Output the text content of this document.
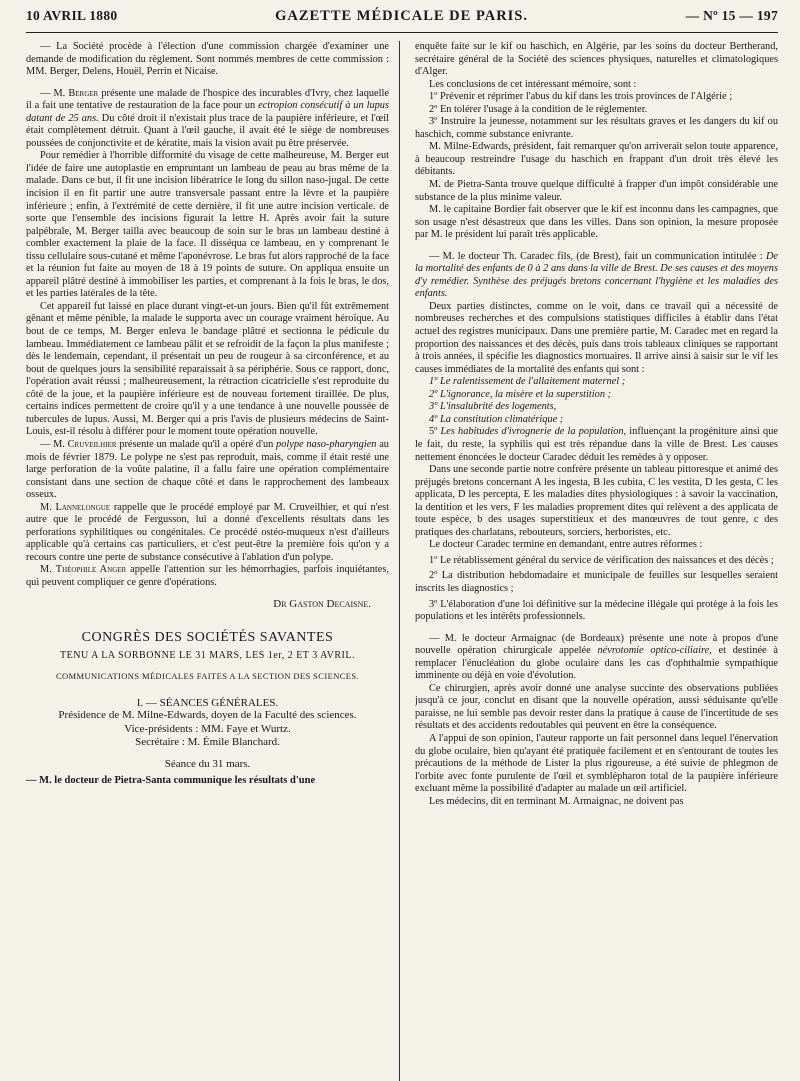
10 AVRIL 1880	GAZETTE MÉDICALE DE PARIS.	— Nº 15 — 197

— La Société procède à l'élection d'une commission chargée d'examiner une demande de modification du règlement. Sont nommés membres de cette commission : MM. Berger, Delens, Houël, Perrin et Nicaise.

— M. Berger présente une malade de l'hospice des incurables d'Ivry, chez laquelle il a fait une tentative de restauration de la face pour un ectropion consécutif à un lupus datant de 25 ans. Du côté droit il n'existait plus trace de la paupière inférieure, et l'œil était complètement détruit. Quant à l'œil gauche, il avait été le siége de nombreuses poussées de conjonctivite et de kératite, mais la vision avait pu être préservée.

Pour remédier à l'horrible difformité du visage de cette malheureuse, M. Berger eut l'idée de faire une autoplastie en empruntant un lambeau de peau au bras même de la malade. Dans ce but, il fit une incision libératrice le long du sillon naso-jugal. De cette incision il en fit partir une autre transversale passant entre la lèvre et la paupière inférieure ; enfin, à l'extrémité de cette dernière, il fit une autre incision verticale. de sorte que l'ensemble des incisions figurait la lettre H. Après avoir fait la suture palpébrale, M. Berger tailla avec beaucoup de soin sur le bras un lambeau destiné à combler exactement la plaie de la face. Il disséqua ce lambeau, en y comprenant le tissu cellulaire sous-cutané et même l'aponévrose. Le bras fut alors rapproché de la face et la réunion fut faite au moyen de 18 à 19 points de suture. On appliqua ensuite un appareil plâtré destiné à immobiliser les parties, et comprenant à la fois le bras, le dos, et les parties latérales de la tête.

Cet appareil fut laissé en place durant vingt-et-un jours. Bien qu'il fût extrêmement gênant et même pénible, la malade le supporta avec un courage vraiment héroïque. Au bout de ce temps, M. Berger enleva le bandage plâtré et sectionna le pédicule du lambeau. Immédiatement ce lambeau pâlit et se refroidit de la façon la plus manifeste ; dès le lendemain, cependant, il présentait un peu de rougeur à sa circonférence, et au bout de quelques jours la sensibilité reparaissait à sa périphérie. Sous ce rapport, donc, l'opération avait réussi ; malheureusement, la rétraction cicatricielle s'est reproduite du côté de la joue, et la paupière inférieure est de nouveau fortement tiraillée. De plus, certains indices permettent de croire qu'il y a une tendance à une nouvelle poussée de tubercules de lupus. Aussi, M. Berger qui a pris l'avis de plusieurs médecins de Saint-Louis, est-il résolu à différer pour le moment toute opération nouvelle.

— M. Cruveilhier présente un malade qu'il a opéré d'un polype naso-pharyngien au mois de février 1879. Le polype ne s'est pas reproduit, mais, comme il était resté une large perforation de la voûte palatine, il a fallu faire une opération complémentaire consistant dans une section de chaque côté et dans le rapprochement des lambeaux osseux.

M. Lannelongue rappelle que le procédé employé par M. Cruveilhier, et qui n'est autre que le procédé de Fergusson, lui a donné d'excellents résultats dans les perforations syphilitiques ou congénitales. Ce procédé ostéo-muqueux n'est d'ailleurs applicable qu'à certains cas particuliers, et c'est peut-être la première fois qu'on y a recours contre une perte de substance consécutive à l'ablation d'un polype.

M. Théophile Anger appelle l'attention sur les hémorrhagies, parfois inquiétantes, qui peuvent compliquer ce genre d'opérations.

Dr Gaston Decaisne.
CONGRÈS DES SOCIÉTÉS SAVANTES
TENU A LA SORBONNE LE 31 MARS, LES 1er, 2 ET 3 AVRIL.
COMMUNICATIONS MÉDICALES FAITES A LA SECTION DES SCIENCES.
I. — SÉANCES GÉNÉRALES.
Présidence de M. Milne-Edwards, doyen de la Faculté des sciences.
Vice-présidents : MM. Faye et Wurtz.
Secrétaire : M. Émile Blanchard.
Séance du 31 mars.

— M. le docteur de Pietra-Santa communique les résultats d'une

enquête faite sur le kif ou haschich, en Algérie, par les soins du docteur Bertherand, secrétaire général de la Société des sciences physiques, naturelles et climatologiques d'Alger.

Les conclusions de cet intéressant mémoire, sont :

1º Prévenir et réprimer l'abus du kif dans les trois provinces de l'Algérie ;

2º En tolérer l'usage à la condition de le réglementer.

3º Instruire la jeunesse, notamment sur les résultats graves et les dangers du kif ou haschich, comme substance enivrante.

M. Milne-Edwards, président, fait remarquer qu'on arriverait selon toute apparence, à beaucoup restreindre l'usage du haschich en frappant d'un droit très élevé les débitants.

M. de Pietra-Santa trouve quelque difficulté à frapper d'un impôt considérable une substance de la plus minime valeur.

M. le capitaine Bordier fait observer que le kif est inconnu dans les campagnes, que son usage n'est désastreux que dans les villes. Dans son opinion, la mesure proposée par M. le président lui paraît très applicable.

— M. le docteur Th. Caradec fils, (de Brest), fait un communication intitulée : De la mortalité des enfants de 0 à 2 ans dans la ville de Brest. De ses causes et des moyens d'y remédier. Synthèse des préjugés bretons concernant l'hygiène et les maladies des enfants.

Deux parties distinctes, comme on le voit, dans ce travail qui a nécessité de nombreuses recherches et des compulsions statistiques difficiles à établir dans l'état actuel des registres municipaux. Dans une première partie, M. Caradec met en regard la proportion des naissances et des décès, puis dans trois tableaux cliniques se rapportant à trois années, il spécifie les diagnostics mortuaires. Il arrive ainsi à saisir sur le vif les causes immédiates de la mortalité des enfants qui sont :

1º Le ralentissement de l'allaitement maternel ;

2º L'ignorance, la misère et la superstition ;

3º L'insalubrité des logements,

4º La constitution climatérique ;

5º Les habitudes d'ivrognerie de la population, influençant la progéniture ainsi que le fait, du reste, la syphilis qui est très répandue dans la ville de Brest. Les causes nettement énoncées le docteur Caradec déduit les remèdes à y opposer.

Dans une seconde partie notre confrère présente un tableau pittoresque et animé des préjugés bretons concernant A les ingesta, B les cubita, C les vestita, D les gesta, C les applicata, D les percepta, E les maladies dites physiologiques : à savoir la vaccination, la dentition et les vers, F les maladies proprement dites qui relèvent a des applicata de toute espèce, b des usages superstitieux et des manœuvres de tout genre, c des pratiques des charlatans, rebouteurs, sorciers, herboristes, etc.

Le docteur Caradec termine en demandant, entre autres réformes :

1º Le rétablissement général du service de vérification des naissances et des décès ;

2º La distribution hebdomadaire et municipale de feuilles sur lesquelles seraient inscrits les diagnostics ;

3º L'élaboration d'une loi définitive sur la médecine illégale qui protège à la fois les populations et les intérêts professionnels.

— M. le docteur Armaignac (de Bordeaux) présente une note à propos d'une nouvelle opération chirurgicale appelée névrotomie optico-ciliaire, et destinée à remplacer l'énucléation du globe oculaire dans les cas d'ophthalmie sympathique imminente ou déjà en voie d'évolution.

Ce chirurgien, après avoir donné une analyse succinte des observations publiées jusqu'à ce jour, conclut en disant que la nouvelle opération, aussi séduisante qu'elle paraisse, ne lui semble pas devoir rester dans la pratique à cause de l'incertitude de ses résultats et des accidents redoutables qui peuvent en être la conséquence.

A l'appui de son opinion, l'auteur rapporte un fait personnel dans lequel l'énervation du globe oculaire, bien qu'ayant été pratiquée facilement et en s'entourant de toutes les précautions de la méthode de Lister la plus rigoureuse, a été suivie de phlegmon de l'orbite avec fonte purulente de l'œil et symblépharon total de la paupière inférieure excluant même la possibilité d'adapter au malade un œil artificiel.

Les médecins, dit en terminant M. Armaignac, ne doivent pas
